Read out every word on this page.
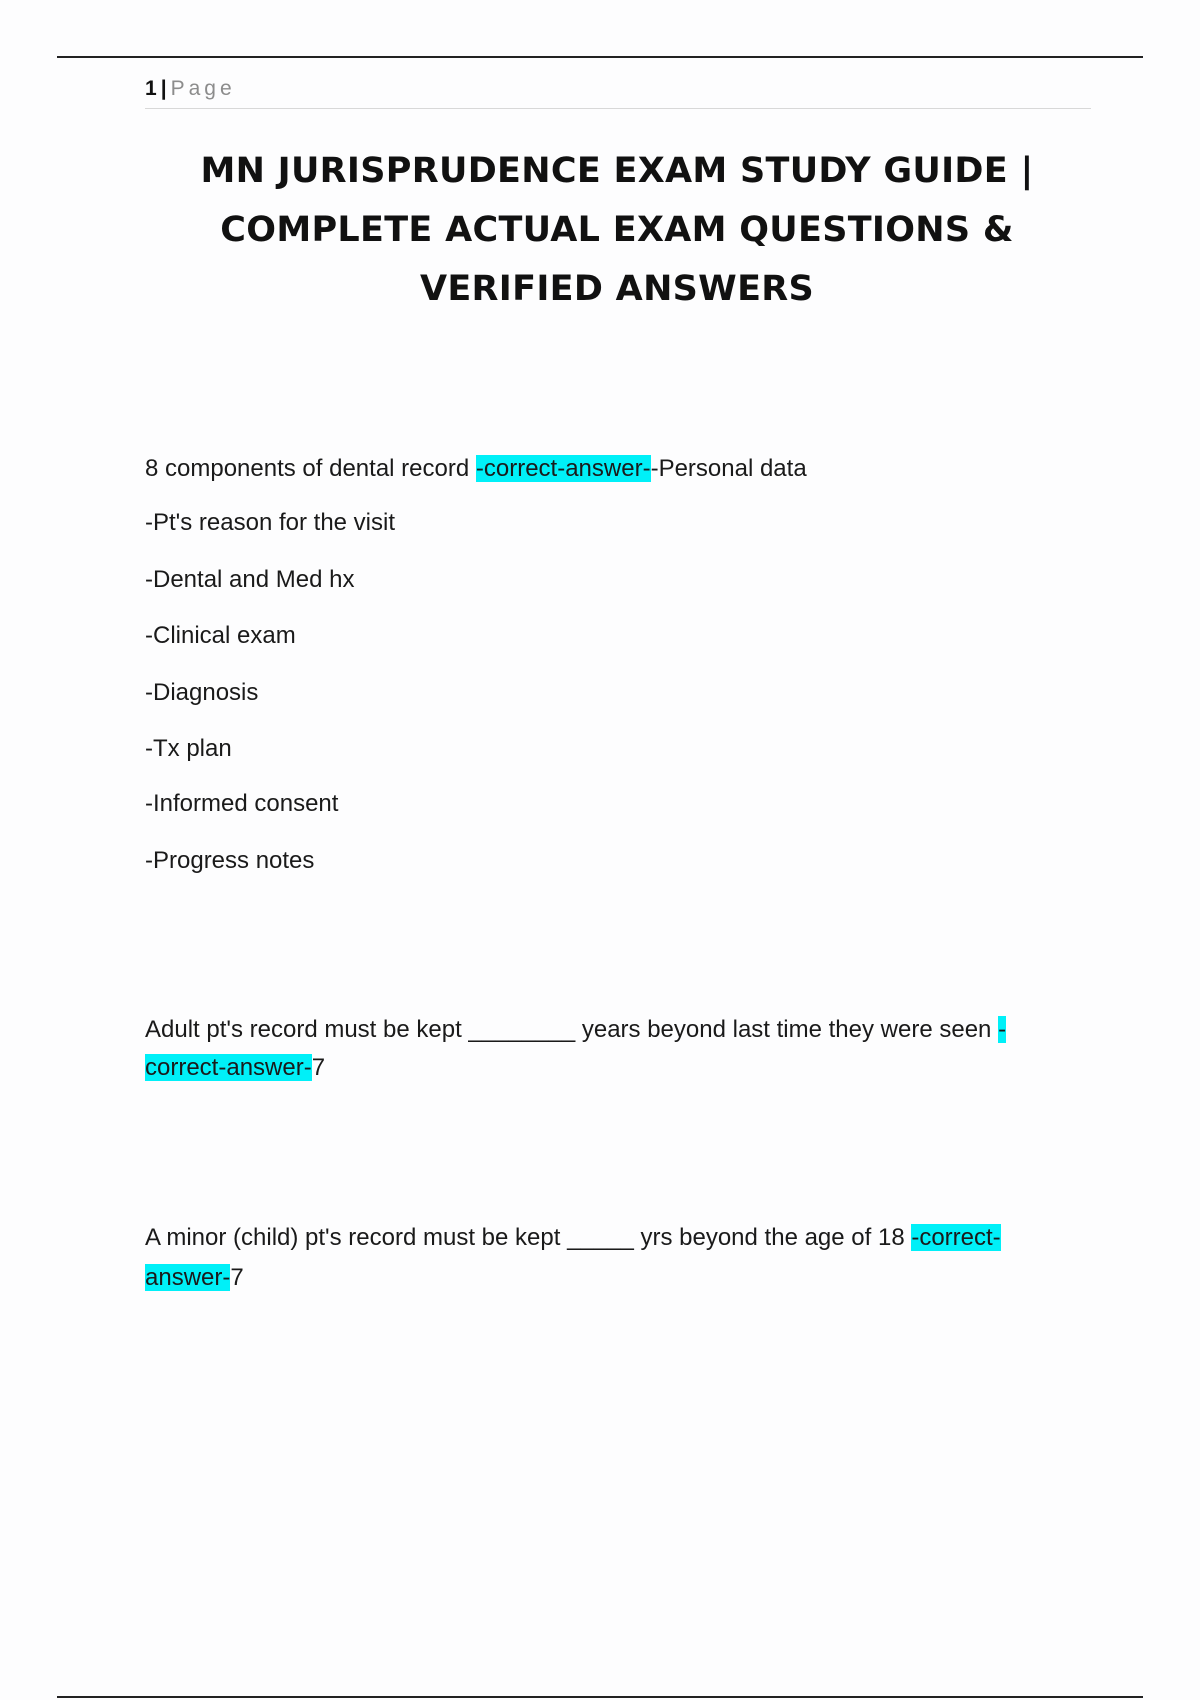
1 | Page
MN JURISPRUDENCE EXAM STUDY GUIDE |
COMPLETE ACTUAL EXAM QUESTIONS &
VERIFIED ANSWERS
8 components of dental record -correct-answer--Personal data
-Pt's reason for the visit
-Dental and Med hx
-Clinical exam
-Diagnosis
-Tx plan
-Informed consent
-Progress notes
Adult pt's record must be kept ________ years beyond last time they were seen -
correct-answer-7
A minor (child) pt's record must be kept _____ yrs beyond the age of 18 -correct-
answer-7
